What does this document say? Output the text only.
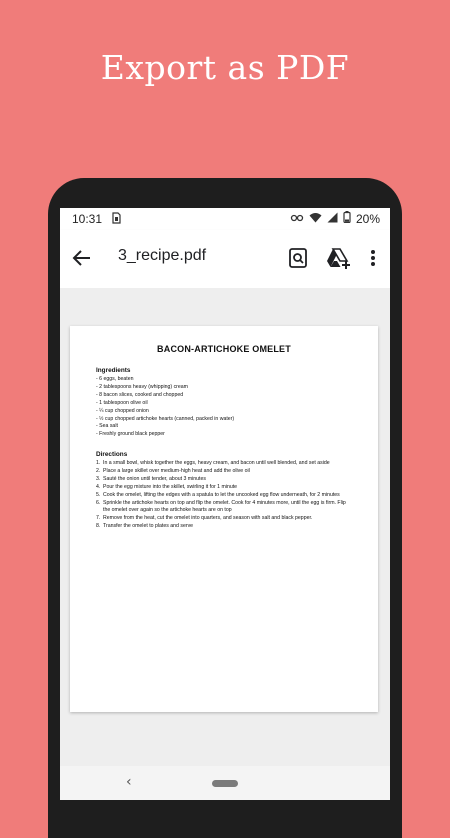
Export as PDF
10:31	20%
3_recipe.pdf
BACON-ARTICHOKE OMELET
Ingredients
- 6 eggs, beaten
- 2 tablespoons heavy (whipping) cream
- 8 bacon slices, cooked and chopped
- 1 tablespoon olive oil
- ¼ cup chopped onion
- ½ cup chopped artichoke hearts (canned, packed in water)
- Sea salt
- Freshly ground black pepper
Directions
1. In a small bowl, whisk together the eggs, heavy cream, and bacon until well blended, and set aside
2. Place a large skillet over medium-high heat and add the olive oil
3. Sauté the onion until tender, about 3 minutes
4. Pour the egg mixture into the skillet, swirling it for 1 minute
5. Cook the omelet, lifting the edges with a spatula to let the uncooked egg flow underneath, for 2 minutes
6. Sprinkle the artichoke hearts on top and flip the omelet. Cook for 4 minutes more, until the egg is firm. Flip the omelet over again so the artichoke hearts are on top
7. Remove from the heat, cut the omelet into quarters, and season with salt and black pepper.
8. Transfer the omelet to plates and serve
‹
